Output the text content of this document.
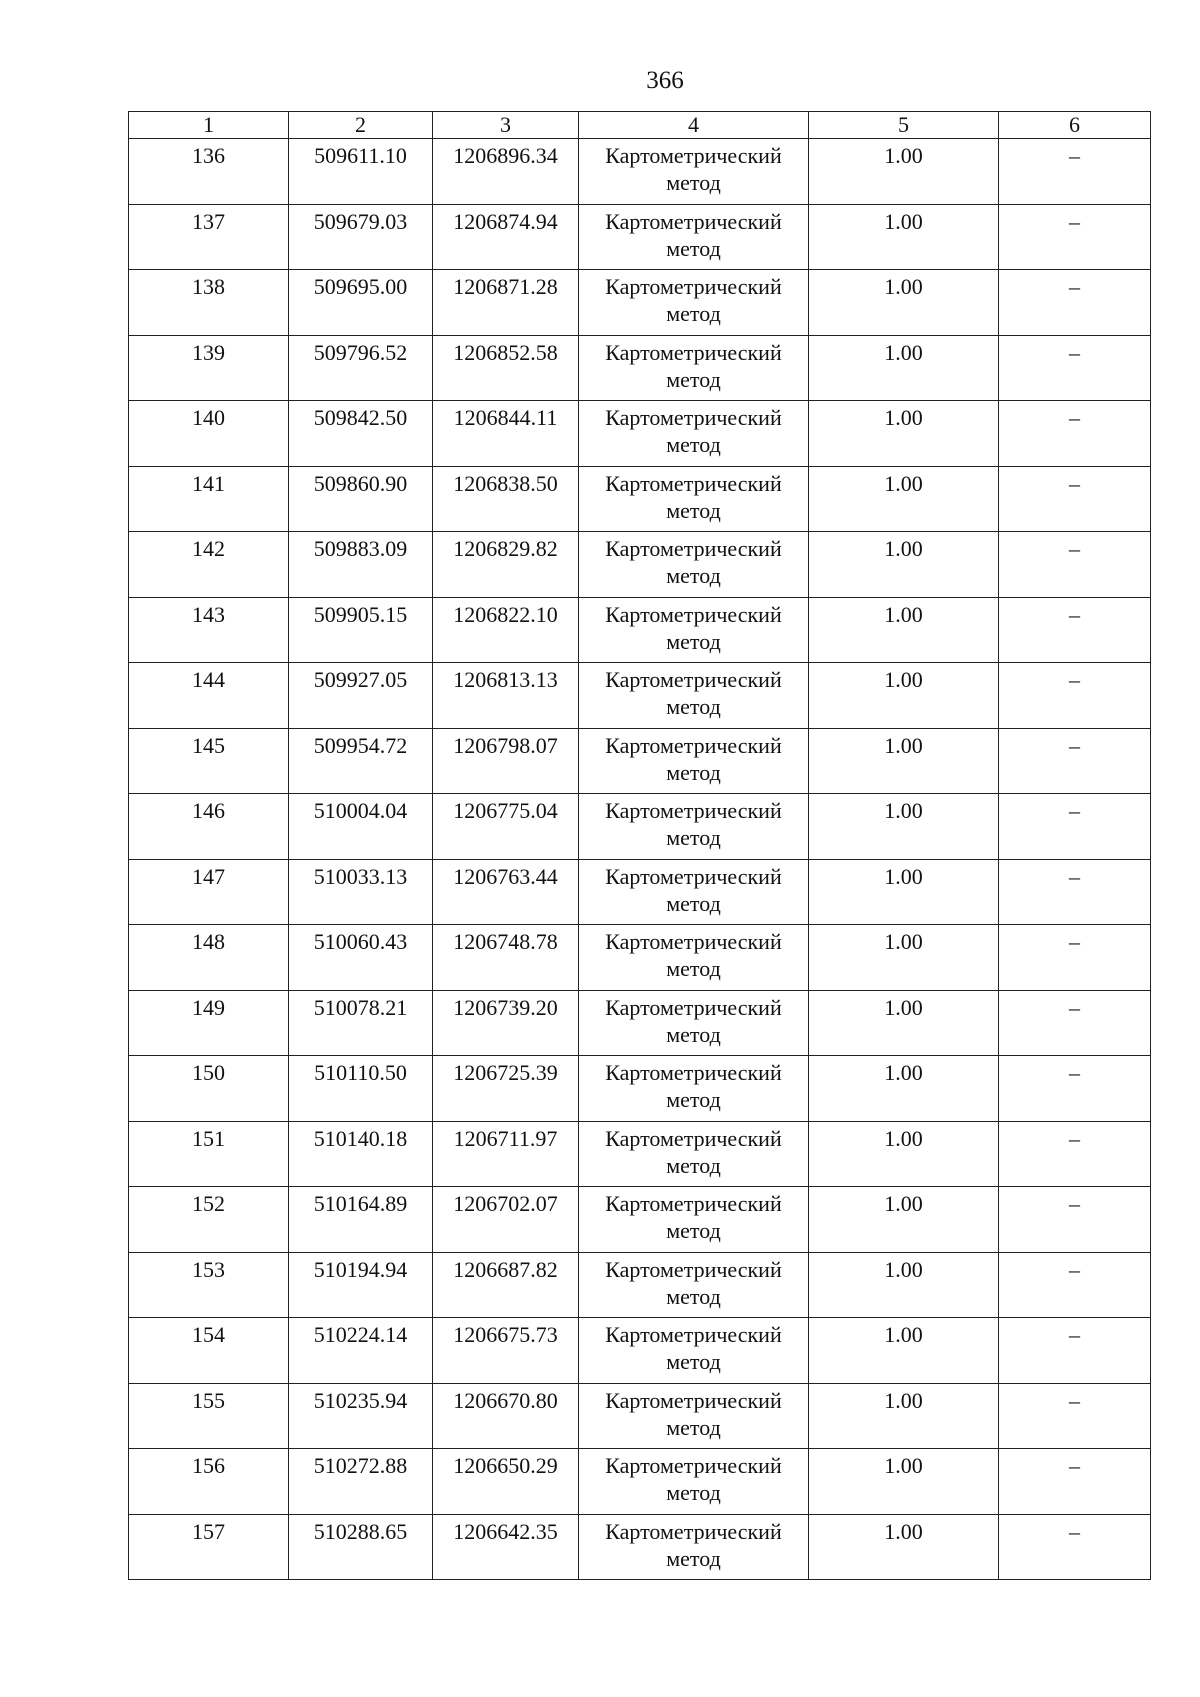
366
1	2	3	4	5	6
136	509611.10	1206896.34	Картометрический метод	1.00	–
137	509679.03	1206874.94	Картометрический метод	1.00	–
138	509695.00	1206871.28	Картометрический метод	1.00	–
139	509796.52	1206852.58	Картометрический метод	1.00	–
140	509842.50	1206844.11	Картометрический метод	1.00	–
141	509860.90	1206838.50	Картометрический метод	1.00	–
142	509883.09	1206829.82	Картометрический метод	1.00	–
143	509905.15	1206822.10	Картометрический метод	1.00	–
144	509927.05	1206813.13	Картометрический метод	1.00	–
145	509954.72	1206798.07	Картометрический метод	1.00	–
146	510004.04	1206775.04	Картометрический метод	1.00	–
147	510033.13	1206763.44	Картометрический метод	1.00	–
148	510060.43	1206748.78	Картометрический метод	1.00	–
149	510078.21	1206739.20	Картометрический метод	1.00	–
150	510110.50	1206725.39	Картометрический метод	1.00	–
151	510140.18	1206711.97	Картометрический метод	1.00	–
152	510164.89	1206702.07	Картометрический метод	1.00	–
153	510194.94	1206687.82	Картометрический метод	1.00	–
154	510224.14	1206675.73	Картометрический метод	1.00	–
155	510235.94	1206670.80	Картометрический метод	1.00	–
156	510272.88	1206650.29	Картометрический метод	1.00	–
157	510288.65	1206642.35	Картометрический метод	1.00	–
